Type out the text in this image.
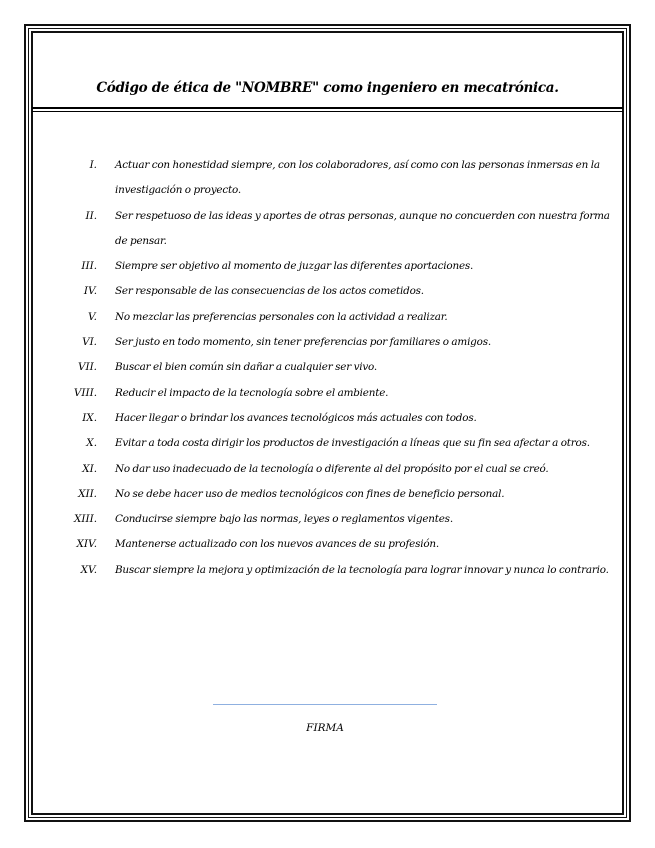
Código de ética de "NOMBRE" como ingeniero en mecatrónica.
I. Actuar con honestidad siempre, con los colaboradores, así como con las personas inmersas en la investigación o proyecto.
II. Ser respetuoso de las ideas y aportes de otras personas, aunque no concuerden con nuestra forma de pensar.
III. Siempre ser objetivo al momento de juzgar las diferentes aportaciones.
IV. Ser responsable de las consecuencias de los actos cometidos.
V. No mezclar las preferencias personales con la actividad a realizar.
VI. Ser justo en todo momento, sin tener preferencias por familiares o amigos.
VII. Buscar el bien común sin dañar a cualquier ser vivo.
VIII. Reducir el impacto de la tecnología sobre el ambiente.
IX. Hacer llegar o brindar los avances tecnológicos más actuales con todos.
X. Evitar a toda costa dirigir los productos de investigación a líneas que su fin sea afectar a otros.
XI. No dar uso inadecuado de la tecnología o diferente al del propósito por el cual se creó.
XII. No se debe hacer uso de medios tecnológicos con fines de beneficio personal.
XIII. Conducirse siempre bajo las normas, leyes o reglamentos vigentes.
XIV. Mantenerse actualizado con los nuevos avances de su profesión.
XV. Buscar siempre la mejora y optimización de la tecnología para lograr innovar y nunca lo contrario.
FIRMA
